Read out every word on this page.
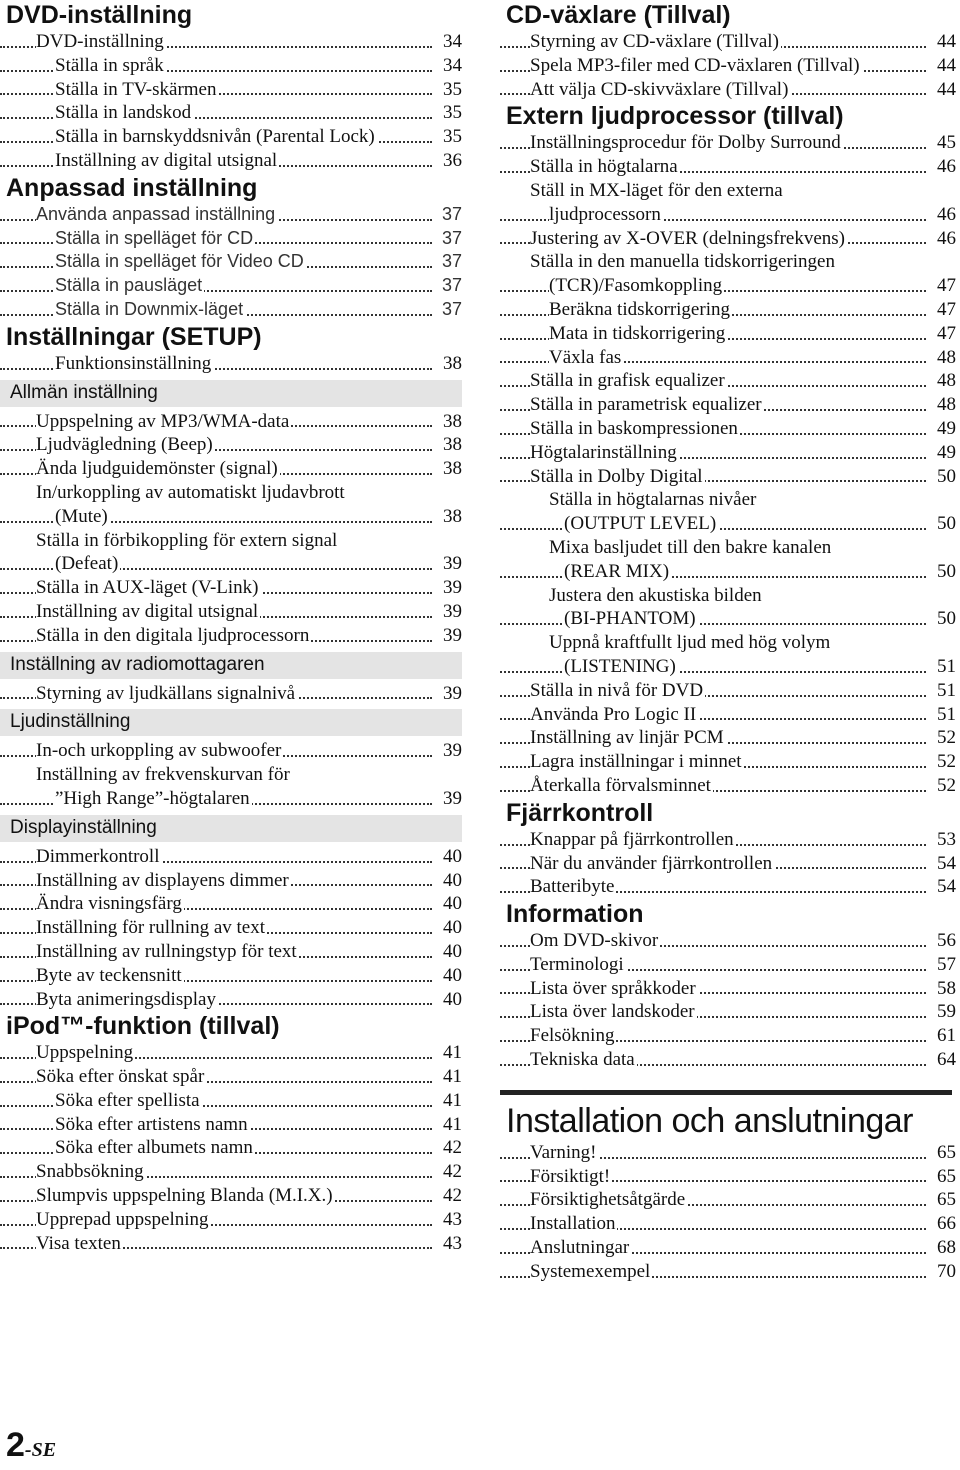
DVD-inställning
DVD-inställning	34
Ställa in språk	34
Ställa in TV-skärmen	35
Ställa in landskod	35
Ställa in barnskyddsnivån (Parental Lock)	35
Inställning av digital utsignal	36
Anpassad inställning
Använda anpassad inställning	37
Ställa in spelläget för CD	37
Ställa in spelläget för Video CD	37
Ställa in pausläget	37
Ställa in Downmix-läget	37
Inställningar (SETUP)
Funktionsinställning	38
Allmän inställning
Uppspelning av MP3/WMA-data	38
Ljudvägledning (Beep)	38
Ända ljudguidemönster (signal)	38
In/urkoppling av automatiskt ljudavbrott
(Mute)	38
Ställa in förbikoppling för extern signal
(Defeat)	39
Ställa in AUX-läget (V-Link)	39
Inställning av digital utsignal	39
Ställa in den digitala ljudprocessorn	39
Inställning av radiomottagaren
Styrning av ljudkällans signalnivå	39
Ljudinställning
In-och urkoppling av subwoofer	39
Inställning av frekvenskurvan för
”High Range”-högtalaren	39
Displayinställning
Dimmerkontroll	40
Inställning av displayens dimmer	40
Ändra visningsfärg	40
Inställning för rullning av text	40
Inställning av rullningstyp för text	40
Byte av teckensnitt	40
Byta animeringsdisplay	40
iPod™-funktion (tillval)
Uppspelning	41
Söka efter önskat spår	41
Söka efter spellista	41
Söka efter artistens namn	41
Söka efter albumets namn	42
Snabbsökning	42
Slumpvis uppspelning Blanda (M.I.X.)	42
Upprepad uppspelning	43
Visa texten	43
CD-växlare (Tillval)
Styrning av CD-växlare (Tillval)	44
Spela MP3-filer med CD-växlaren (Tillval)	44
Att välja CD-skivväxlare (Tillval)	44
Extern ljudprocessor (tillval)
Inställningsprocedur för Dolby Surround	45
Ställa in högtalarna	46
Ställ in MX-läget för den externa
ljudprocessorn	46
Justering av X-OVER (delningsfrekvens)	46
Ställa in den manuella tidskorrigeringen
(TCR)/Fasomkoppling	47
Beräkna tidskorrigering	47
Mata in tidskorrigering	47
Växla fas	48
Ställa in grafisk equalizer	48
Ställa in parametrisk equalizer	48
Ställa in baskompressionen	49
Högtalarinställning	49
Ställa in Dolby Digital	50
Ställa in högtalarnas nivåer
(OUTPUT LEVEL)	50
Mixa basljudet till den bakre kanalen
(REAR MIX)	50
Justera den akustiska bilden
(BI-PHANTOM)	50
Uppnå kraftfullt ljud med hög volym
(LISTENING)	51
Ställa in nivå för DVD	51
Använda Pro Logic II	51
Inställning av linjär PCM	52
Lagra inställningar i minnet	52
Återkalla förvalsminnet	52
Fjärrkontroll
Knappar på fjärrkontrollen	53
När du använder fjärrkontrollen	54
Batteribyte	54
Information
Om DVD-skivor	56
Terminologi	57
Lista över språkkoder	58
Lista över landskoder	59
Felsökning	61
Tekniska data	64
Installation och anslutningar
Varning!	65
Försiktigt!	65
Försiktighetsåtgärde	65
Installation	66
Anslutningar	68
Systemexempel	70
2-SE
